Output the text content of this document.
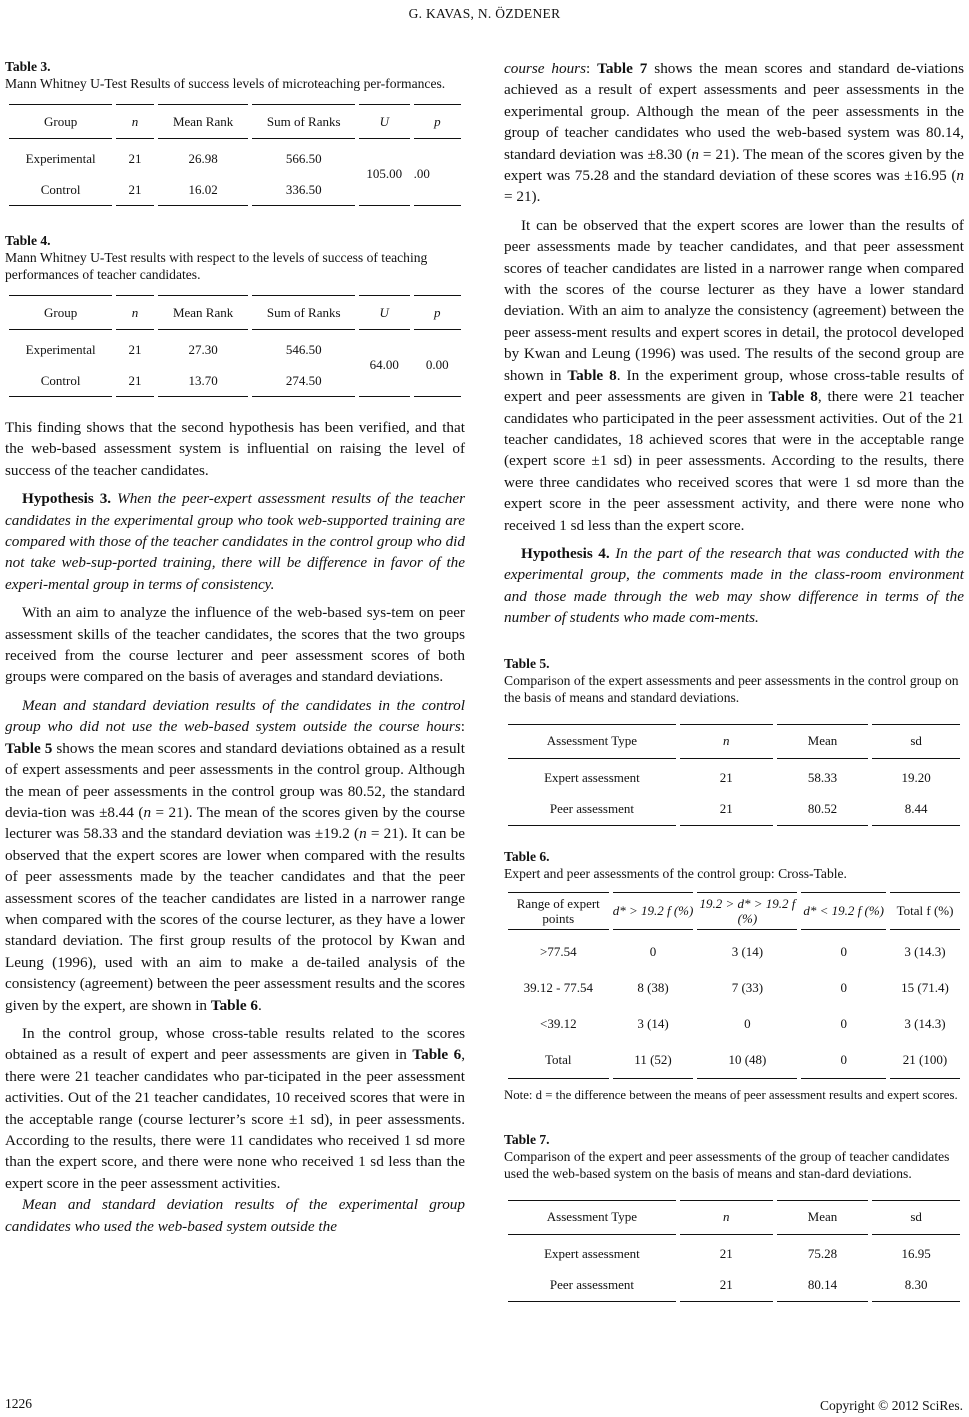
G. KAVAS, N. ÖZDENER
Table 3.
Mann Whitney U-Test Results of success levels of microteaching per-formances.
Group	n	Mean Rank	Sum of Ranks	U	p
Experimental	21	26.98	566.50	105.00	.00
Control	21	16.02	336.50		
Table 4.
Mann Whitney U-Test results with respect to the levels of success of teaching performances of teacher candidates.
Group	n	Mean Rank	Sum of Ranks	U	p
Experimental	21	27.30	546.50	64.00	0.00
Control	21	13.70	274.50		

This finding shows that the second hypothesis has been verified, and that the web-based assessment system is influential on raising the level of success of the teacher candidates.

Hypothesis 3. When the peer-expert assessment results of the teacher candidates in the experimental group who took web-supported training are compared with those of the teacher candidates in the control group who did not take web-sup-ported training, there will be difference in favor of the experi-mental group in terms of consistency.

With an aim to analyze the influence of the web-based sys-tem on peer assessment skills of the teacher candidates, the scores that the two groups received from the course lecturer and peer assessment scores of both groups were compared on the basis of averages and standard deviations.

Mean and standard deviation results of the candidates in the control group who did not use the web-based system outside the course hours: Table 5 shows the mean scores and standard deviations obtained as a result of expert assessments and peer assessments in the control group. Although the mean of peer assessments in the control group was 80.52, the standard devia-tion was ±8.44 (n = 21). The mean of the scores given by the course lecturer was 58.33 and the standard deviation was ±19.2 (n = 21). It can be observed that the expert scores are lower when compared with the results of peer assessments made by the teacher candidates and that the peer assessment scores of the teacher candidates are listed in a narrower range when compared with the scores of the course lecturer, as they have a lower standard deviation. The first group results of the protocol by Kwan and Leung (1996), used with an aim to make a de-tailed analysis of the consistency (agreement) between the peer assessment results and the scores given by the expert, are shown in Table 6.

In the control group, whose cross-table results related to the scores obtained as a result of expert and peer assessments are given in Table 6, there were 21 teacher candidates who par-ticipated in the peer assessment activities. Out of the 21 teacher candidates, 10 received scores that were in the acceptable range (course lecturer’s score ±1 sd), in peer assessments. According to the results, there were 11 candidates who received 1 sd more than the expert score, and there were none who received 1 sd less than the expert score in the peer assessment activities.

Mean and standard deviation results of the experimental group candidates who used the web-based system outside the

course hours: Table 7 shows the mean scores and standard de-viations achieved as a result of expert assessments and peer assessments in the experimental group. Although the mean of the peer assessments in the group of teacher candidates who used the web-based system was 80.14, standard deviation was ±8.30 (n = 21). The mean of the scores given by the expert was 75.28 and the standard deviation of these scores was ±16.95 (n = 21).

It can be observed that the expert scores are lower than the results of peer assessments made by teacher candidates, and that peer assessment scores of teacher candidates are listed in a narrower range when compared with the scores of the course lecturer as they have a lower standard deviation. With an aim to analyze the consistency (agreement) between the peer assess-ment results and expert scores in detail, the protocol developed by Kwan and Leung (1996) was used. The results of the second group are shown in Table 8. In the experiment group, whose cross-table results of expert and peer assessments are given in Table 8, there were 21 teacher candidates who participated in the peer assessment activities. Out of the 21 teacher candidates, 18 achieved scores that were in the acceptable range (expert score ±1 sd) in peer assessments. According to the results, there were three candidates who received scores that were 1 sd more than the expert score in the peer assessment activity, and there were none who received 1 sd less than the expert score.

Hypothesis 4. In the part of the research that was conducted with the experimental group, the comments made in the class-room environment and those made through the web may show difference in terms of the number of students who made com-ments.

Table 5.
Comparison of the expert assessments and peer assessments in the control group on the basis of means and standard deviations.
Assessment Type	n	Mean	sd
Expert assessment	21	58.33	19.20
Peer assessment	21	80.52	8.44
Table 6.
Expert and peer assessments of the control group: Cross-Table.
Range of expert points	d* > 19.2 f (%)	19.2 > d* > 19.2 f (%)	d* < 19.2 f (%)	Total f (%)
>77.54	0	3 (14)	0	3 (14.3)
39.12 - 77.54	8 (38)	7 (33)	0	15 (71.4)
<39.12	3 (14)	0	0	3 (14.3)
Total	11 (52)	10 (48)	0	21 (100)
Note: d = the difference between the means of peer assessment results and expert scores.
Table 7.
Comparison of the expert and peer assessments of the group of teacher candidates used the web-based system on the basis of means and stan-dard deviations.
Assessment Type	n	Mean	sd
Expert assessment	21	75.28	16.95
Peer assessment	21	80.14	8.30
1226	Copyright © 2012 SciRes.
